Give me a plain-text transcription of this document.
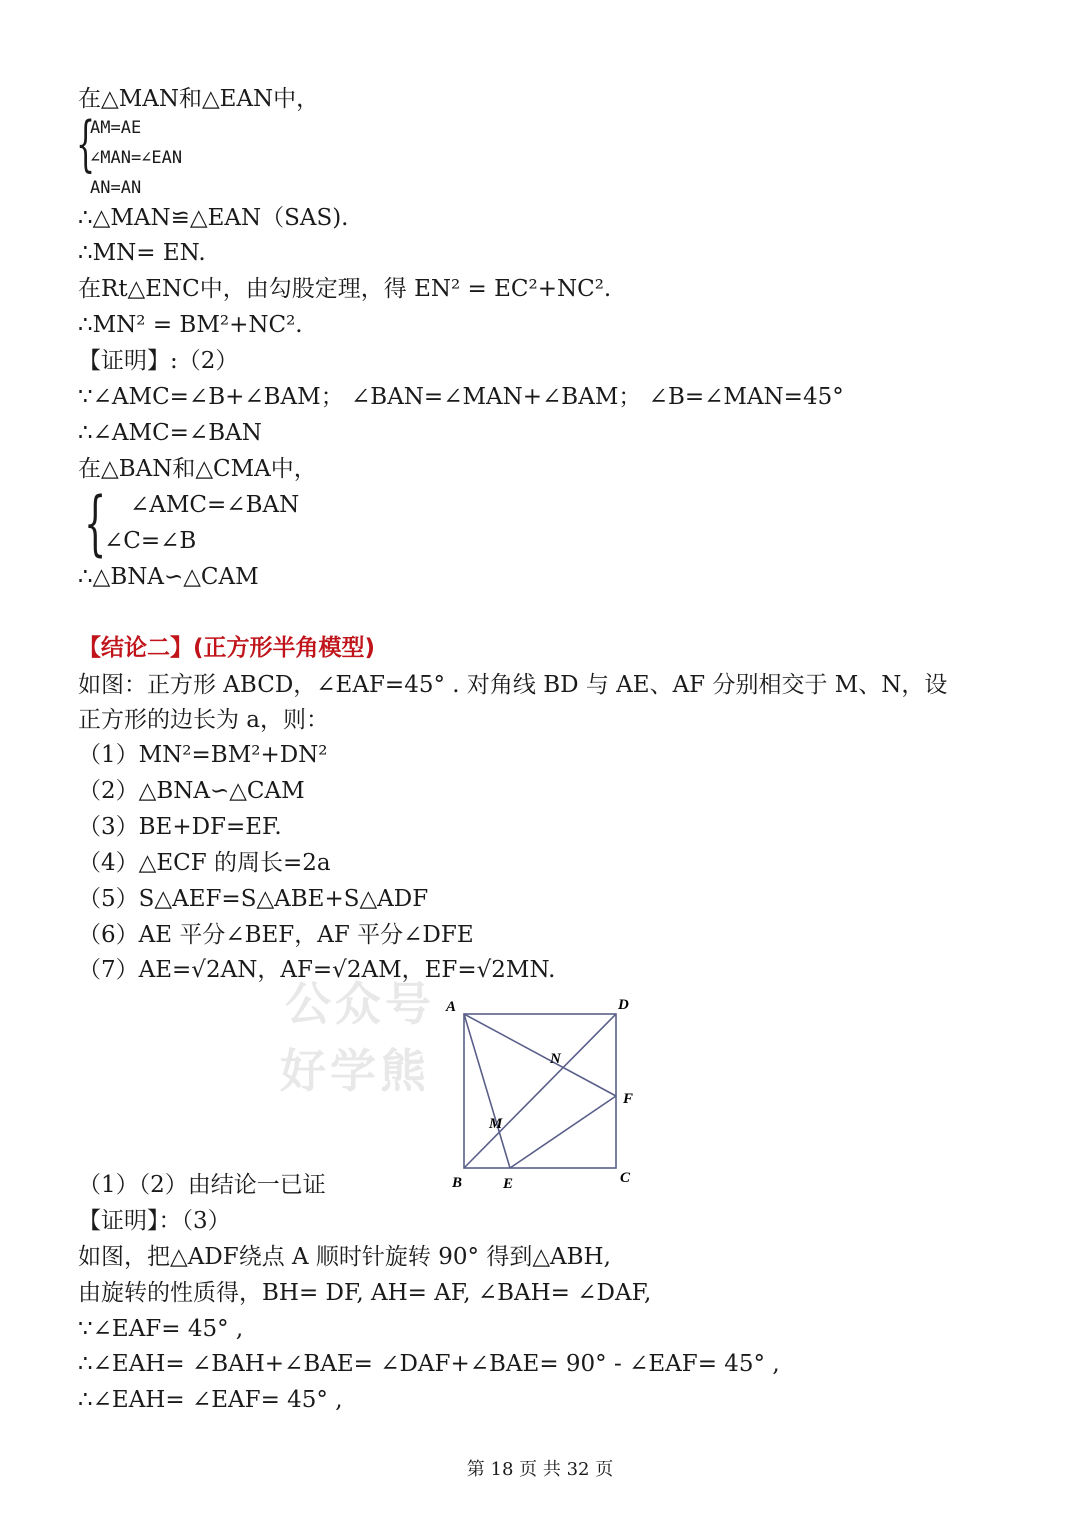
在△MAN和△EAN中，
{
AM=AE
∠MAN=∠EAN
AN=AN
∴△MAN≌△EAN（SAS).
∴MN= EN.
在Rt△ENC中，由勾股定理，得 EN² = EC²+NC².
∴MN² = BM²+NC².
【证明】:（2）
∵∠AMC=∠B+∠BAM； ∠BAN=∠MAN+∠BAM； ∠B=∠MAN=45°
∴∠AMC=∠BAN
在△BAN和△CMA中，
{ ∠AMC=∠BAN
∠C=∠B
∴△BNA∽△CAM
【结论二】(正方形半角模型)
如图：正方形 ABCD，∠EAF=45° . 对角线 BD 与 AE、AF 分别相交于 M、N，设
正方形的边长为 a，则：
（1）MN²=BM²+DN²
（2）△BNA∽△CAM
（3）BE+DF=EF.
（4）△ECF 的周长=2a
（5）S△AEF=S△ABE+S△ADF
（6）AE 平分∠BEF，AF 平分∠DFE
（7）AE=√2AN，AF=√2AM，EF=√2MN.
公众号
好学熊
A	D
N
F
M
B	E	C
（1）（2）由结论一已证
【证明】：（3）
如图，把△ADF绕点 A 顺时针旋转 90° 得到△ABH,
由旋转的性质得，BH= DF, AH= AF, ∠BAH= ∠DAF,
∵∠EAF= 45° ,
∴∠EAH= ∠BAH+∠BAE= ∠DAF+∠BAE= 90° - ∠EAF= 45° ,
∴∠EAH= ∠EAF= 45° ,
第 18 页 共 32 页
